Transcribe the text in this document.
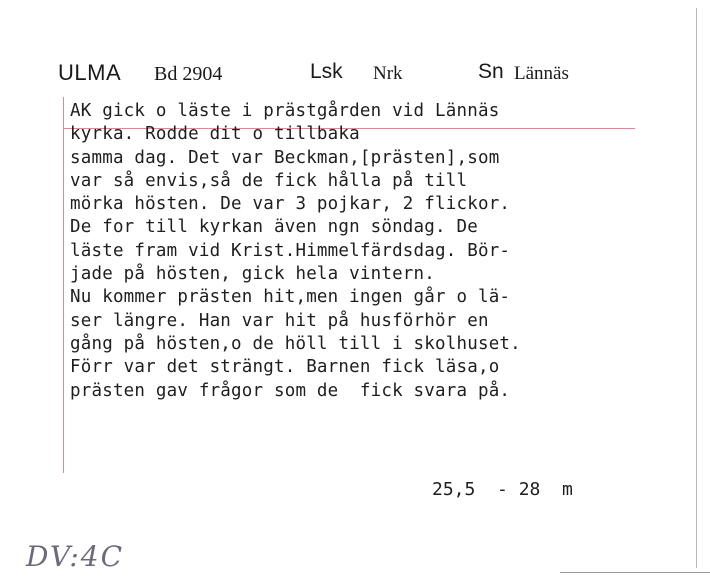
ULMA Bd 2904	Lsk Nrk	Sn Lännäs
AK gick o läste i prästgården vid Lännäs
kyrka. Rodde dit o tillbaka
samma dag. Det var Beckman,[prästen],som
var så envis,så de fick hålla på till
mörka hösten. De var 3 pojkar, 2 flickor.
De for till kyrkan även ngn söndag. De
läste fram vid Krist.Himmelfärdsdag. Bör-
jade på hösten, gick hela vintern.
Nu kommer prästen hit,men ingen går o lä-
ser längre. Han var hit på husförhör en
gång på hösten,o de höll till i skolhuset.
Förr var det strängt. Barnen fick läsa,o
prästen gav frågor som de  fick svara på.
25,5  - 28  m
DV:4C
